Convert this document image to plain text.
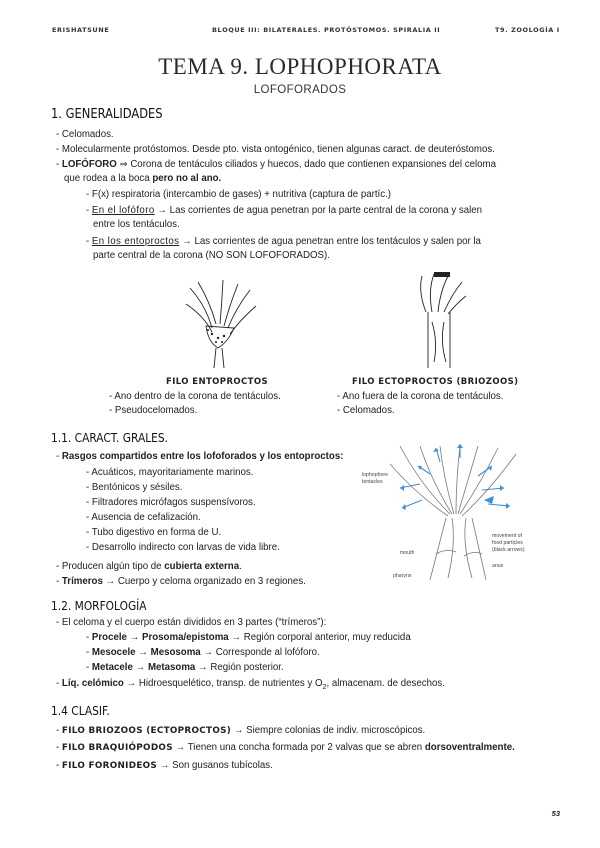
ERISHATSUNE	BLOQUE III: BILATERALES. PROTÓSTOMOS. SPIRALIA II	T9. ZOOLOGÍA I
TEMA 9. LOPHOPHORATA
LOFOFORADOS
1. GENERALIDADES
- Celomados.
- Molecularmente protóstomos. Desde pto. vista ontogénico, tienen algunas caract. de deuteróstomos.
- LOFÓFORO ⇒ Corona de tentáculos ciliados y huecos, dado que contienen expansiones del celoma
que rodea a la boca pero no al ano.
- F(x) respiratoria (intercambio de gases) + nutritiva (captura de partíc.)
- En el lofóforo → Las corrientes de agua penetran por la parte central de la corona y salen
entre los tentáculos.
- En los entoproctos → Las corrientes de agua penetran entre los tentáculos y salen por la
parte central de la corona (NO SON LOFOFORADOS).
FILO ENTOPROCTOS
- Ano dentro de la corona de tentáculos.
- Pseudocelomados.
FILO ECTOPROCTOS (BRIOZOOS)
- Ano fuera de la corona de tentáculos.
- Celomados.
1.1. CARACT. GRALES.
- Rasgos compartidos entre los lofoforados y los entoproctos:
- Acuáticos, mayoritariamente marinos.
- Bentónicos y sésiles.
- Filtradores micrófagos suspensívoros.
- Ausencia de cefalización.
- Tubo digestivo en forma de U.
- Desarrollo indirecto con larvas de vida libre.
- Producen algún tipo de cubierta externa.
- Trímeros → Cuerpo y celoma organizado en 3 regiones.
lophophore
tentacles
movement of
food particles
(black arrows)
mouth
anus
pharynx
1.2. MORFOLOGÍA
- El celoma y el cuerpo están divididos en 3 partes (“trímeros”):
- Procele → Prosoma/epistoma → Región corporal anterior, muy reducida
- Mesocele → Mesosoma → Corresponde al lofóforo.
- Metacele → Metasoma → Región posterior.
- Líq. celómico → Hidroesquelético, transp. de nutrientes y $O_2$, almacenam. de desechos.
1.4 CLASIF.
- FILO BRIOZOOS (ECTOPROCTOS) → Siempre colonias de indiv. microscópicos.
- FILO BRAQUIÓPODOS → Tienen una concha formada por 2 valvas que se abren dorsoventralmente.
- FILO FORONIDEOS → Son gusanos tubícolas.
53
